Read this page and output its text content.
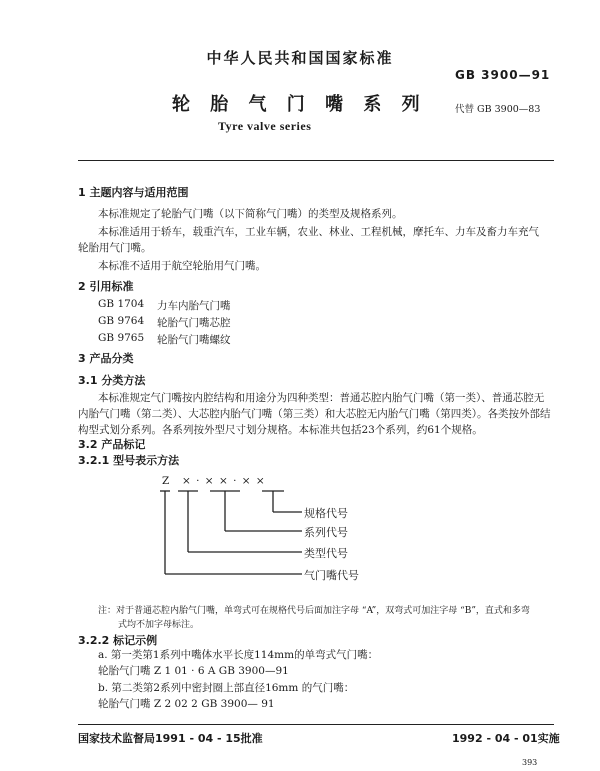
中华人民共和国国家标准
GB 3900—91
轮 胎 气 门 嘴 系 列	代替 GB 3900—83
Tyre valve series
1 主题内容与适用范围
本标准规定了轮胎气门嘴（以下简称气门嘴）的类型及规格系列。
本标准适用于轿车，载重汽车，工业车辆，农业、林业、工程机械，摩托车、力车及畜力车充气
轮胎用气门嘴。
本标准不适用于航空轮胎用气门嘴。
2 引用标准
GB 1704 力车内胎气门嘴
GB 9764 轮胎气门嘴芯腔
GB 9765 轮胎气门嘴螺纹
3 产品分类
3.1 分类方法
本标准规定气门嘴按内腔结构和用途分为四种类型：普通芯腔内胎气门嘴（第一类）、普通芯腔无
内胎气门嘴（第二类）、大芯腔内胎气门嘴（第三类）和大芯腔无内胎气门嘴（第四类）。各类按外部结
构型式划分系列。各系列按外型尺寸划分规格。本标准共包括23个系列，约61个规格。
3.2 产品标记
3.2.1 型号表示方法
Z × · × × · × ×
规格代号
系列代号
类型代号
气门嘴代号
注：对于普通芯腔内胎气门嘴，单弯式可在规格代号后面加注字母 “A”，双弯式可加注字母 “B”，直式和多弯
式均不加字母标注。
3.2.2 标记示例
a. 第一类第1系列中嘴体水平长度114mm的单弯式气门嘴：
轮胎气门嘴 Z 1 01 · 6 A GB 3900—91
b. 第二类第2系列中密封圈上部直径16mm 的气门嘴：
轮胎气门嘴 Z 2 02 2 GB 3900— 91
国家技术监督局1991 - 04 - 15批准	1992 - 04 - 01实施
393
